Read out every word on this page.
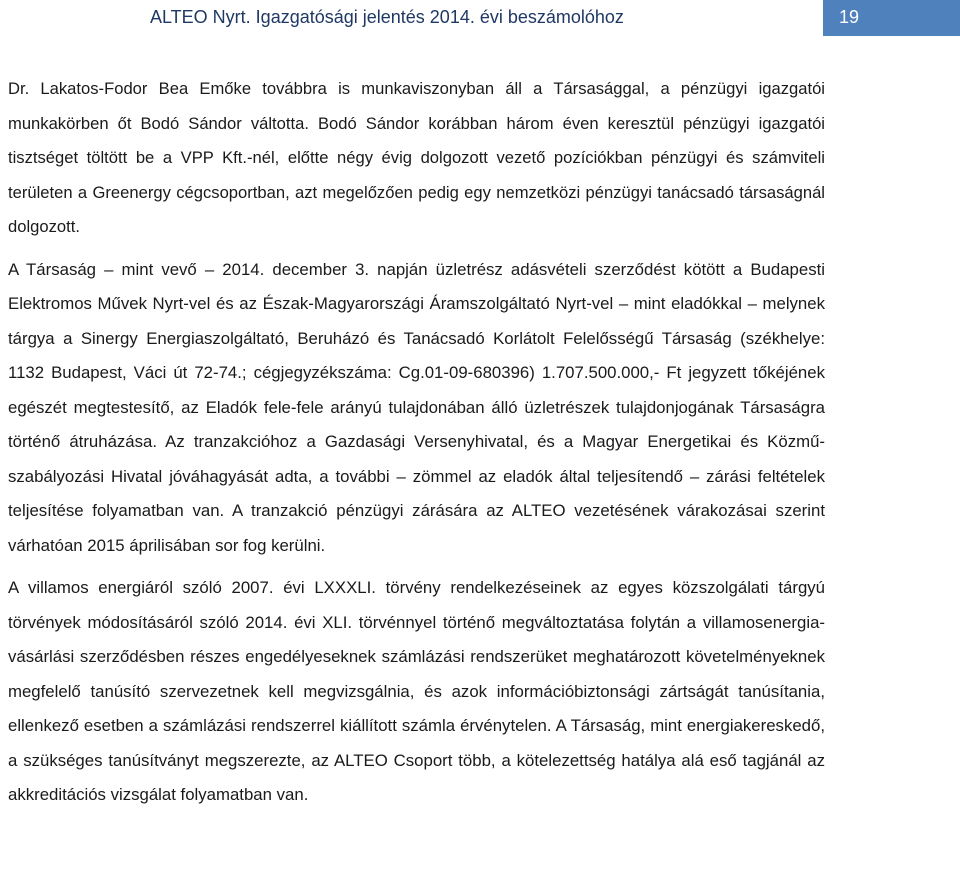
ALTEO Nyrt. Igazgatósági jelentés 2014. évi beszámolóhoz	19

Dr. Lakatos-Fodor Bea Emőke továbbra is munkaviszonyban áll a Társasággal, a pénzügyi igazgatói munkakörben őt Bodó Sándor váltotta. Bodó Sándor korábban három éven keresztül pénzügyi igazgatói tisztséget töltött be a VPP Kft.-nél, előtte négy évig dolgozott vezető pozíciókban pénzügyi és számviteli területen a Greenergy cégcsoportban, azt megelőzően pedig egy nemzetközi pénzügyi tanácsadó társaságnál dolgozott.

A Társaság – mint vevő – 2014. december 3. napján üzletrész adásvételi szerződést kötött a Budapesti Elektromos Művek Nyrt-vel és az Észak-Magyarországi Áramszolgáltató Nyrt-vel – mint eladókkal – melynek tárgya a Sinergy Energiaszolgáltató, Beruházó és Tanácsadó Korlátolt Felelősségű Társaság (székhelye: 1132 Budapest, Váci út 72-74.; cégjegyzékszáma: Cg.01-09-680396) 1.707.500.000,- Ft jegyzett tőkéjének egészét megtestesítő, az Eladók fele-fele arányú tulajdonában álló üzletrészek tulajdonjogának Társaságra történő átruházása. Az tranzakcióhoz a Gazdasági Versenyhivatal, és a Magyar Energetikai és Közmű-szabályozási Hivatal jóváhagyását adta, a további – zömmel az eladók által teljesítendő – zárási feltételek teljesítése folyamatban van. A tranzakció pénzügyi zárására az ALTEO vezetésének várakozásai szerint várhatóan 2015 áprilisában sor fog kerülni.

A villamos energiáról szóló 2007. évi LXXXLI. törvény rendelkezéseinek az egyes közszolgálati tárgyú törvények módosításáról szóló 2014. évi XLI. törvénnyel történő megváltoztatása folytán a villamosenergia-vásárlási szerződésben részes engedélyeseknek számlázási rendszerüket meghatározott követelményeknek megfelelő tanúsító szervezetnek kell megvizsgálnia, és azok információbiztonsági zártságát tanúsítania, ellenkező esetben a számlázási rendszerrel kiállított számla érvénytelen. A Társaság, mint energiakereskedő, a szükséges tanúsítványt megszerezte, az ALTEO Csoport több, a kötelezettség hatálya alá eső tagjánál az akkreditációs vizsgálat folyamatban van.
